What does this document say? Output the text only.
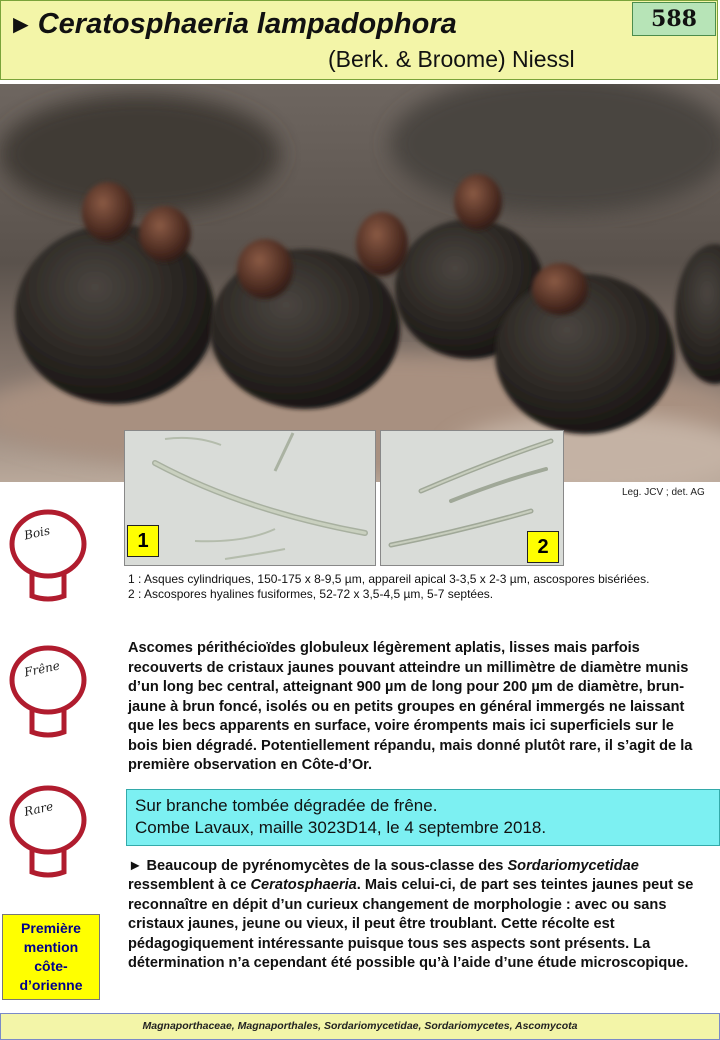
► Ceratosphaeria lampadophora
(Berk. & Broome) Niessl
588
1	2
Leg. JCV ; det. AG
Bois
Frêne
Rare

1 : Asques cylindriques, 150-175 x 8-9,5 µm, appareil apical 3-3,5 x 2-3 µm, ascospores bisériées.

2 : Ascospores hyalines fusiformes, 52-72 x 3,5-4,5 µm, 5-7 septées.

Ascomes périthécioïdes globuleux légèrement aplatis, lisses mais parfois recouverts de cristaux jaunes pouvant atteindre un millimètre de diamètre munis d’un long bec central, atteignant 900 µm de long pour 200 µm de diamètre, brun-jaune à brun foncé, isolés ou en petits groupes en général immergés ne laissant que les becs apparents en surface, voire érompents mais ici superficiels sur le bois bien dégradé. Potentiellement répandu, mais donné plutôt rare, il s’agit de la première observation en Côte-d’Or.

Sur branche tombée dégradée de frêne.

Combe Lavaux, maille 3023D14, le 4 septembre 2018.

► Beaucoup de pyrénomycètes de la sous-classe des Sordariomycetidae ressemblent à ce Ceratosphaeria. Mais celui-ci, de part ses teintes jaunes peut se reconnaître en dépit d’un curieux changement de morphologie : avec ou sans cristaux jaunes, jeune ou vieux, il peut être troublant. Cette récolte est pédagogiquement intéressante puisque tous ses aspects sont présents. La détermination n’a cependant été possible qu’à l’aide d’une étude microscopique.
Première
mention
côte-
d’orienne
Magnaporthaceae, Magnaporthales, Sordariomycetidae, Sordariomycetes, Ascomycota
